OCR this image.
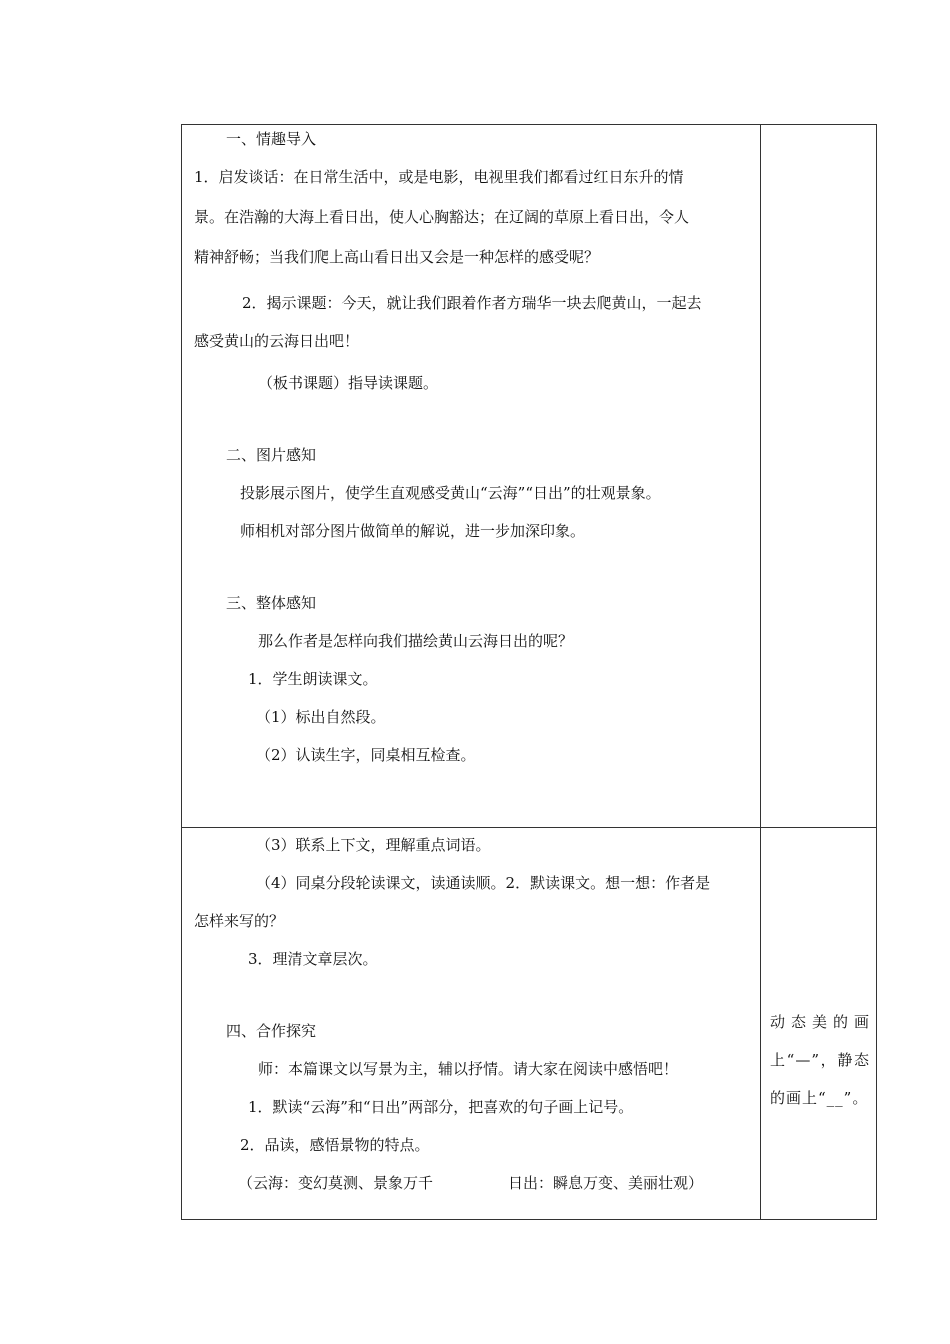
一、情趣导入
1．启发谈话：在日常生活中，或是电影，电视里我们都看过红日东升的情
景。在浩瀚的大海上看日出，使人心胸豁达；在辽阔的草原上看日出，令人
精神舒畅；当我们爬上高山看日出又会是一种怎样的感受呢？
2．揭示课题：今天，就让我们跟着作者方瑞华一块去爬黄山，一起去
感受黄山的云海日出吧！
（板书课题）指导读课题。
二、图片感知
投影展示图片，使学生直观感受黄山“云海”“日出”的壮观景象。
师相机对部分图片做简单的解说，进一步加深印象。
三、整体感知
那么作者是怎样向我们描绘黄山云海日出的呢？
1．学生朗读课文。
（1）标出自然段。
（2）认读生字，同桌相互检查。
（3）联系上下文，理解重点词语。
（4）同桌分段轮读课文，读通读顺。2．默读课文。想一想：作者是
怎样来写的？
3．理清文章层次。
四、合作探究
师：本篇课文以写景为主，辅以抒情。请大家在阅读中感悟吧！
1．默读“云海”和“日出”两部分，把喜欢的句子画上记号。
2．品读，感悟景物的特点。
（云海：变幻莫测、景象万千	日出：瞬息万变、美丽壮观）
动态美的画上“—”，静态的画上“__”。
